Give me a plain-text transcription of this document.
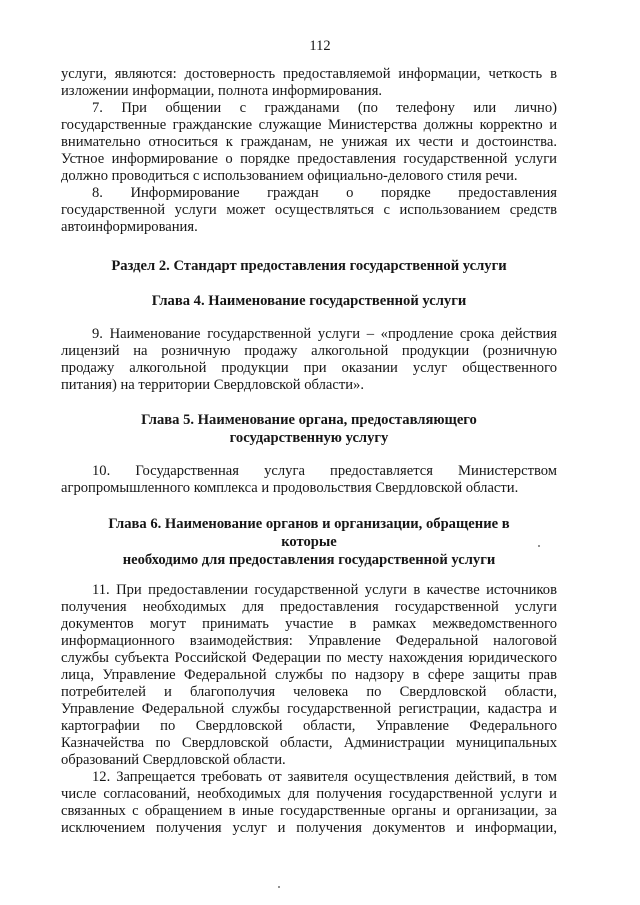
112
услуги, являются: достоверность предоставляемой информации, четкость в
изложении информации, полнота информирования.
7. При общении с гражданами (по телефону или лично)
государственные гражданские служащие Министерства должны корректно и
внимательно относиться к гражданам, не унижая их чести и достоинства.
Устное информирование о порядке предоставления государственной услуги
должно проводиться с использованием официально-делового стиля речи.
8. Информирование граждан о порядке предоставления
государственной услуги может осуществляться с использованием средств
автоинформирования.
Раздел 2. Стандарт предоставления государственной услуги
Глава 4. Наименование государственной услуги
9. Наименование государственной услуги – «продление срока действия
лицензий на розничную продажу алкогольной продукции (розничную
продажу алкогольной продукции при оказании услуг общественного
питания) на территории Свердловской области».
Глава 5. Наименование органа, предоставляющего
государственную услугу
10. Государственная услуга предоставляется Министерством
агропромышленного комплекса и продовольствия Свердловской области.
Глава 6. Наименование органов и организации, обращение в
которые
необходимо для предоставления государственной услуги
11. При предоставлении государственной услуги в качестве источников
получения необходимых для предоставления государственной услуги
документов могут принимать участие в рамках межведомственного
информационного взаимодействия: Управление Федеральной налоговой
службы субъекта Российской Федерации по месту нахождения юридического
лица, Управление Федеральной службы по надзору в сфере защиты прав
потребителей и благополучия человека по Свердловской области,
Управление Федеральной службы государственной регистрации, кадастра и
картографии по Свердловской области, Управление Федерального
Казначейства по Свердловской области, Администрации муниципальных
образований Свердловской области.
12. Запрещается требовать от заявителя осуществления действий, в том
числе согласований, необходимых для получения государственной услуги и
связанных с обращением в иные государственные органы и организации, за
исключением получения услуг и получения документов и информации,
